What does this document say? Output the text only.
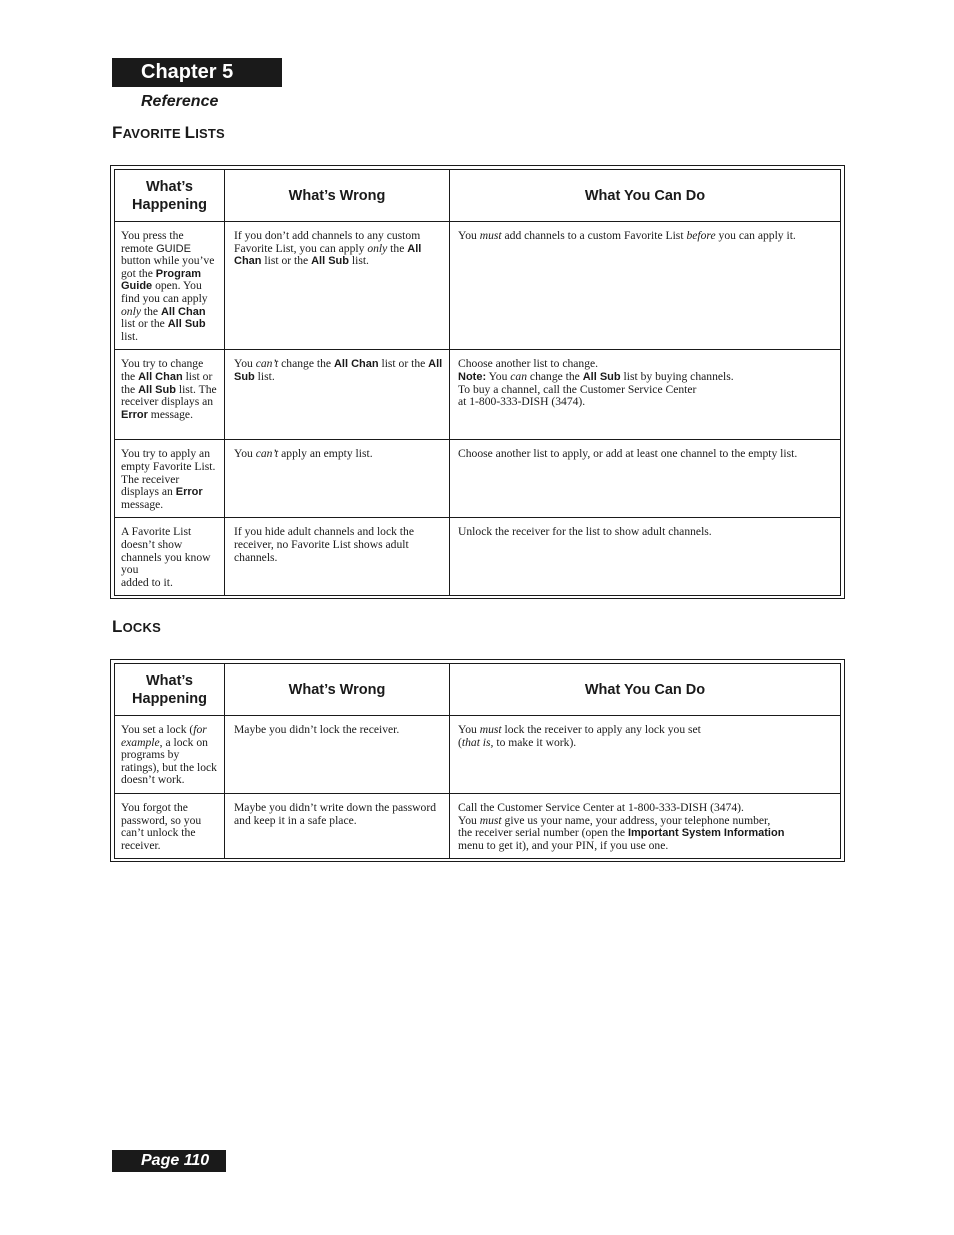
Chapter 5
Reference
FAVORITE LISTS
What’s Happening	What’s Wrong	What You Can Do
You press the remote GUIDE button while you’ve got the Program Guide open. You find you can apply only the All Chan list or the All Sub list.	If you don’t add channels to any custom Favorite List, you can apply only the All Chan list or the All Sub list.	You must add channels to a custom Favorite List before you can apply it.
You try to change the All Chan list or the All Sub list. The receiver displays an Error message.	You can’t change the All Chan list or the All Sub list.	Choose another list to change.
Note: You can change the All Sub list by buying channels.
To buy a channel, call the Customer Service Center
at 1-800-333-DISH (3474).
You try to apply an empty Favorite List. The receiver displays an Error message.	You can’t apply an empty list.	Choose another list to apply, or add at least one channel to the empty list.
A Favorite List doesn’t show channels you know you
added to it.	If you hide adult channels and lock the receiver, no Favorite List shows adult channels.	Unlock the receiver for the list to show adult channels.
LOCKS
What’s Happening	What’s Wrong	What You Can Do
You set a lock (for example, a lock on programs by ratings), but the lock doesn’t work.	Maybe you didn’t lock the receiver.	You must lock the receiver to apply any lock you set
(that is, to make it work).
You forgot the password, so you can’t unlock the receiver.	Maybe you didn’t write down the password and keep it in a safe place.	Call the Customer Service Center at 1-800-333-DISH (3474).
You must give us your name, your address, your telephone number,
the receiver serial number (open the Important System Information
menu to get it), and your PIN, if you use one.
Page 110
